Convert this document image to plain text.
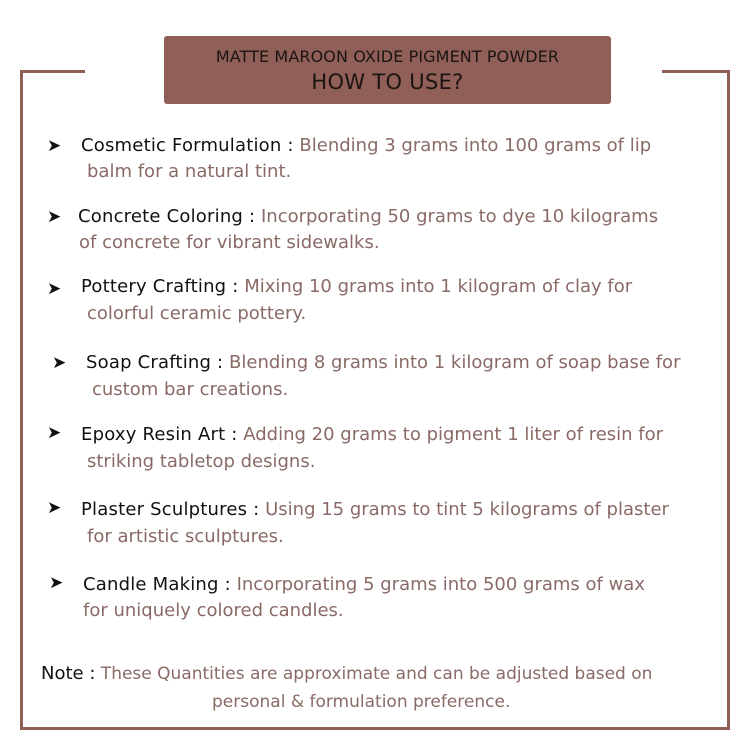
MATTE MAROON OXIDE PIGMENT POWDER
HOW TO USE?
➤ Cosmetic Formulation : Blending 3 grams into 100 grams of lip
balm for a natural tint.
➤ Concrete Coloring : Incorporating 50 grams to dye 10 kilograms
of concrete for vibrant sidewalks.
➤ Pottery Crafting : Mixing 10 grams into 1 kilogram of clay for
colorful ceramic pottery.
➤ Soap Crafting : Blending 8 grams into 1 kilogram of soap base for
custom bar creations.
➤ Epoxy Resin Art : Adding 20 grams to pigment 1 liter of resin for
striking tabletop designs.
➤ Plaster Sculptures : Using 15 grams to tint 5 kilograms of plaster
for artistic sculptures.
➤ Candle Making : Incorporating 5 grams into 500 grams of wax
for uniquely colored candles.
Note : These Quantities are approximate and can be adjusted based on
personal & formulation preference.
